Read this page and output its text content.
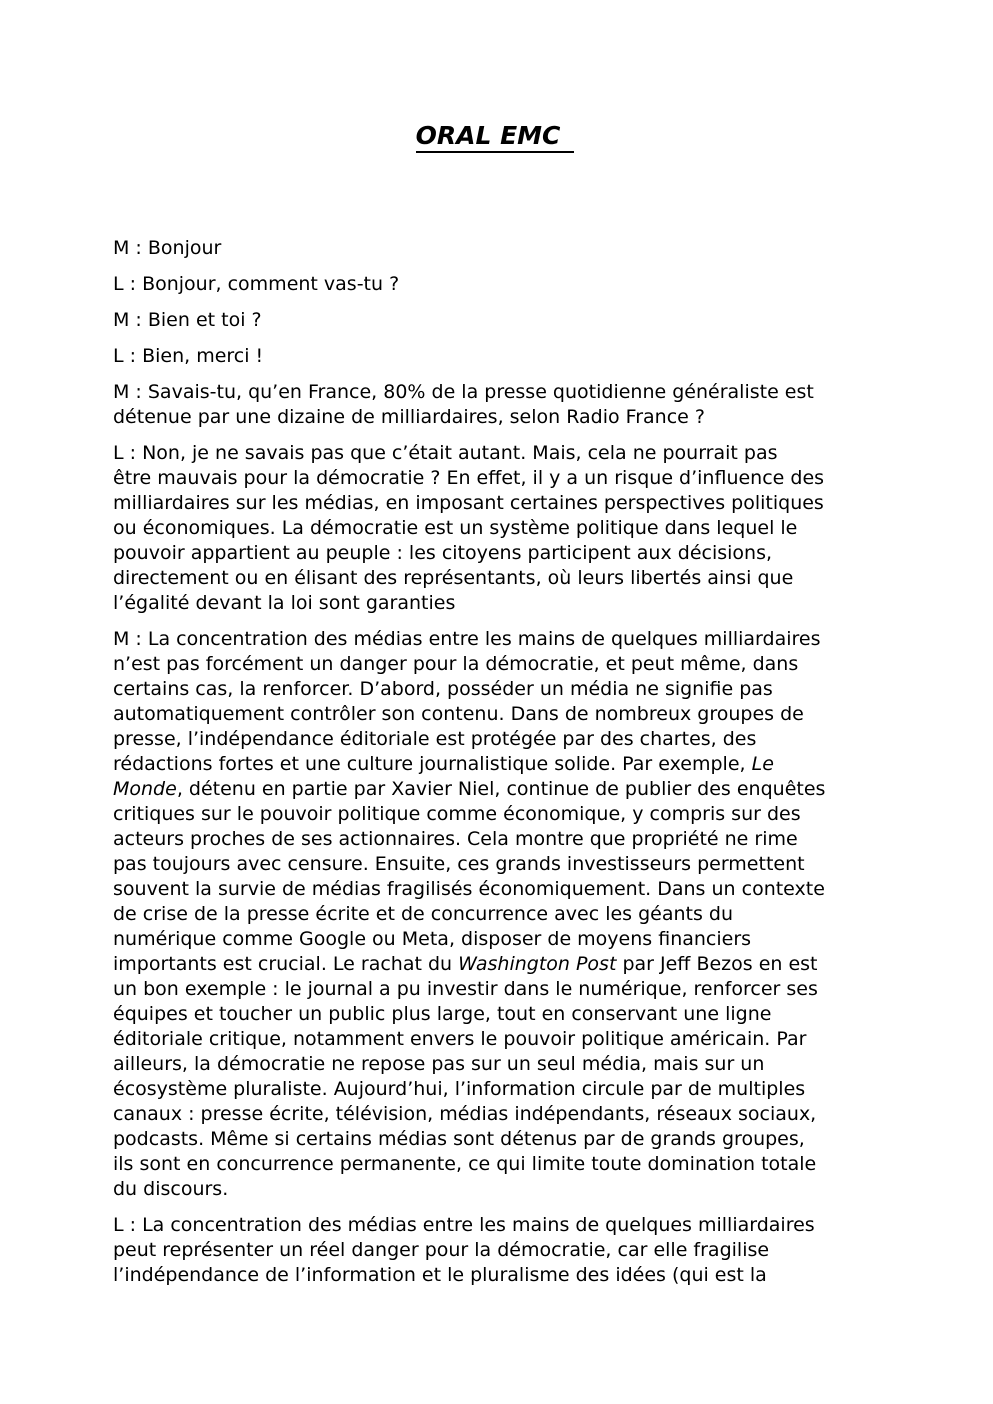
ORAL EMC

M : Bonjour

L : Bonjour, comment vas-tu ?

M : Bien et toi ?

L : Bien, merci !

M : Savais-tu, qu’en France, 80% de la presse quotidienne généraliste est
détenue par une dizaine de milliardaires, selon Radio France ?

L : Non, je ne savais pas que c’était autant. Mais, cela ne pourrait pas
être mauvais pour la démocratie ? En effet, il y a un risque d’influence des
milliardaires sur les médias, en imposant certaines perspectives politiques
ou économiques. La démocratie est un système politique dans lequel le
pouvoir appartient au peuple : les citoyens participent aux décisions,
directement ou en élisant des représentants, où leurs libertés ainsi que
l’égalité devant la loi sont garanties

M : La concentration des médias entre les mains de quelques milliardaires
n’est pas forcément un danger pour la démocratie, et peut même, dans
certains cas, la renforcer. D’abord, posséder un média ne signifie pas
automatiquement contrôler son contenu. Dans de nombreux groupes de
presse, l’indépendance éditoriale est protégée par des chartes, des
rédactions fortes et une culture journalistique solide. Par exemple, Le
Monde, détenu en partie par Xavier Niel, continue de publier des enquêtes
critiques sur le pouvoir politique comme économique, y compris sur des
acteurs proches de ses actionnaires. Cela montre que propriété ne rime
pas toujours avec censure. Ensuite, ces grands investisseurs permettent
souvent la survie de médias fragilisés économiquement. Dans un contexte
de crise de la presse écrite et de concurrence avec les géants du
numérique comme Google ou Meta, disposer de moyens financiers
importants est crucial. Le rachat du Washington Post par Jeff Bezos en est
un bon exemple : le journal a pu investir dans le numérique, renforcer ses
équipes et toucher un public plus large, tout en conservant une ligne
éditoriale critique, notamment envers le pouvoir politique américain. Par
ailleurs, la démocratie ne repose pas sur un seul média, mais sur un
écosystème pluraliste. Aujourd’hui, l’information circule par de multiples
canaux : presse écrite, télévision, médias indépendants, réseaux sociaux,
podcasts. Même si certains médias sont détenus par de grands groupes,
ils sont en concurrence permanente, ce qui limite toute domination totale
du discours.

L : La concentration des médias entre les mains de quelques milliardaires
peut représenter un réel danger pour la démocratie, car elle fragilise
l’indépendance de l’information et le pluralisme des idées (qui est la
